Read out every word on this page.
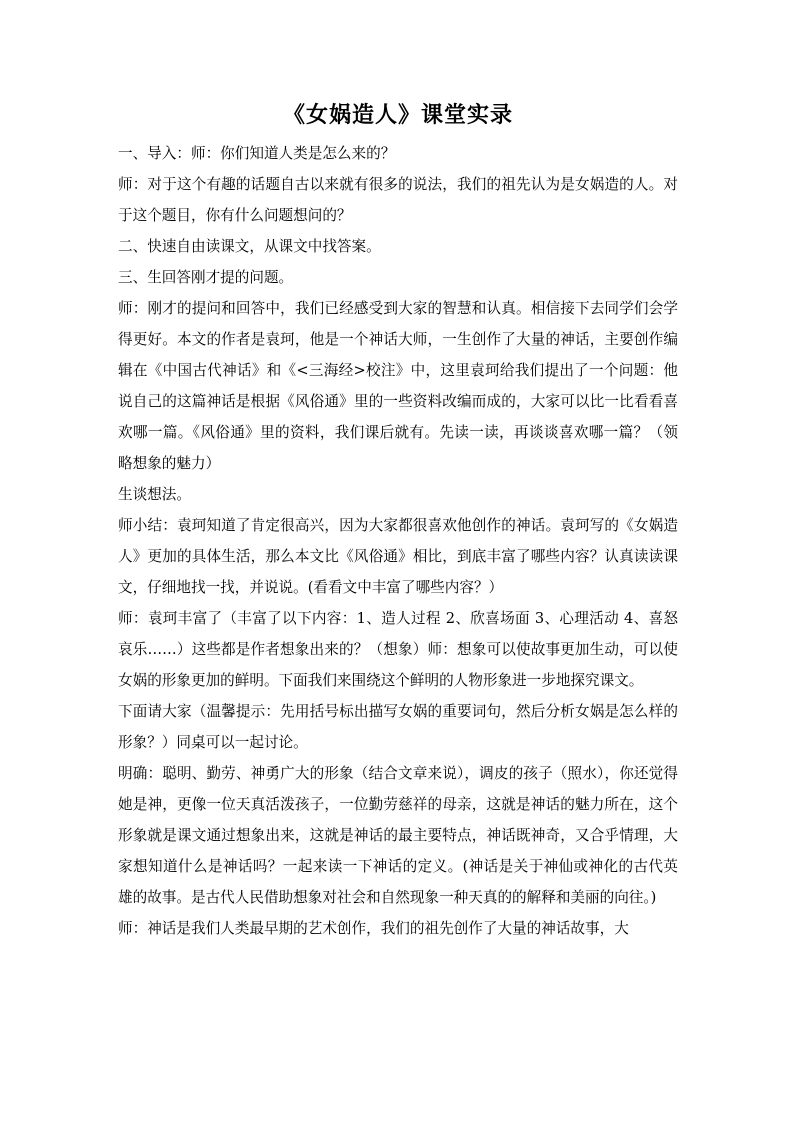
《女娲造人》课堂实录

一、导入：师：你们知道人类是怎么来的？

师：对于这个有趣的话题自古以来就有很多的说法，我们的祖先认为是女娲造的人。对于这个题目，你有什么问题想问的？

二、快速自由读课文，从课文中找答案。

三、生回答刚才提的问题。

师：刚才的提问和回答中，我们已经感受到大家的智慧和认真。相信接下去同学们会学得更好。本文的作者是袁珂，他是一个神话大师，一生创作了大量的神话，主要创作编辑在《中国古代神话》和《<三海经>校注》中，这里袁珂给我们提出了一个问题：他说自己的这篇神话是根据《风俗通》里的一些资料改编而成的，大家可以比一比看看喜欢哪一篇。《风俗通》里的资料，我们课后就有。先读一读，再谈谈喜欢哪一篇？（领略想象的魅力）

生谈想法。

师小结：袁珂知道了肯定很高兴，因为大家都很喜欢他创作的神话。袁珂写的《女娲造人》更加的具体生活，那么本文比《风俗通》相比，到底丰富了哪些内容？认真读读课文，仔细地找一找，并说说。(看看文中丰富了哪些内容？）

师：袁珂丰富了（丰富了以下内容：1、造人过程 2、欣喜场面 3、心理活动 4、喜怒哀乐……）这些都是作者想象出来的？（想象）师：想象可以使故事更加生动，可以使女娲的形象更加的鲜明。下面我们来围绕这个鲜明的人物形象进一步地探究课文。

下面请大家（温馨提示：先用括号标出描写女娲的重要词句，然后分析女娲是怎么样的形象？）同桌可以一起讨论。

明确：聪明、勤劳、神勇广大的形象（结合文章来说），调皮的孩子（照水），你还觉得她是神，更像一位天真活泼孩子，一位勤劳慈祥的母亲，这就是神话的魅力所在，这个形象就是课文通过想象出来，这就是神话的最主要特点，神话既神奇，又合乎情理，大家想知道什么是神话吗？一起来读一下神话的定义。(神话是关于神仙或神化的古代英雄的故事。是古代人民借助想象对社会和自然现象一种天真的的解释和美丽的向往。)

师：神话是我们人类最早期的艺术创作，我们的祖先创作了大量的神话故事，大
